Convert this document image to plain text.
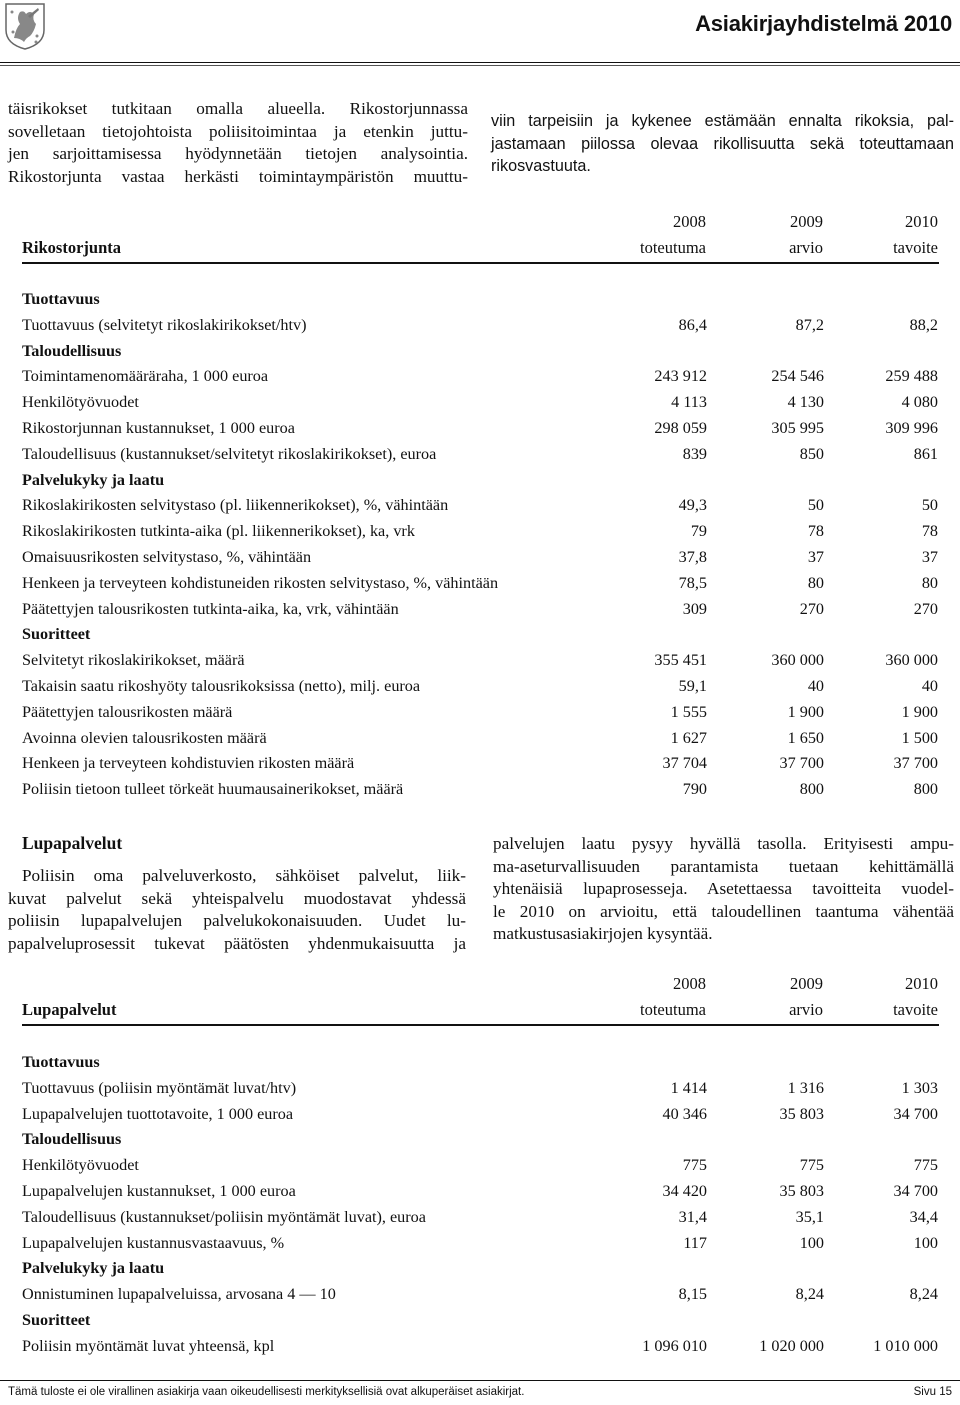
Asiakirjayhdistelmä 2010
täisrikokset tutkitaan omalla alueella. Rikostorjunnassa
sovelletaan tietojohtoista poliisitoimintaa ja etenkin juttu-
jen sarjoittamisessa hyödynnetään tietojen analysointia.
Rikostorjunta vastaa herkästi toimintaympäristön muuttu-
viin tarpeisiin ja kykenee estämään ennalta rikoksia, pal-
jastamaan piilossa olevaa rikollisuutta sekä toteuttamaan
rikosvastuuta.
2008	2009	2010
Rikostorjunta	toteutuma	arvio	tavoite
Tuottavuus
Tuottavuus (selvitetyt rikoslakirikokset/htv)	86,4	87,2	88,2
Taloudellisuus
Toimintamenomääräraha, 1 000 euroa	243 912	254 546	259 488
Henkilötyövuodet	4 113	4 130	4 080
Rikostorjunnan kustannukset, 1 000 euroa	298 059	305 995	309 996
Taloudellisuus (kustannukset/selvitetyt rikoslakirikokset), euroa	839	850	861
Palvelukyky ja laatu
Rikoslakirikosten selvitystaso (pl. liikennerikokset), %, vähintään	49,3	50	50
Rikoslakirikosten tutkinta-aika (pl. liikennerikokset), ka, vrk	79	78	78
Omaisuusrikosten selvitystaso, %, vähintään	37,8	37	37
Henkeen ja terveyteen kohdistuneiden rikosten selvitystaso, %, vähintään	78,5	80	80
Päätettyjen talousrikosten tutkinta-aika, ka, vrk, vähintään	309	270	270
Suoritteet
Selvitetyt rikoslakirikokset, määrä	355 451	360 000	360 000
Takaisin saatu rikoshyöty talousrikoksissa (netto), milj. euroa	59,1	40	40
Päätettyjen talousrikosten määrä	1 555	1 900	1 900
Avoinna olevien talousrikosten määrä	1 627	1 650	1 500
Henkeen ja terveyteen kohdistuvien rikosten määrä	37 704	37 700	37 700
Poliisin tietoon tulleet törkeät huumausainerikokset, määrä	790	800	800
Lupapalvelut
Poliisin oma palveluverkosto, sähköiset palvelut, liik-
kuvat palvelut sekä yhteispalvelu muodostavat yhdessä
poliisin lupapalvelujen palvelukokonaisuuden. Uudet lu-
papalveluprosessit tukevat päätösten yhdenmukaisuutta ja
palvelujen laatu pysyy hyvällä tasolla. Erityisesti ampu-
ma-aseturvallisuuden parantamista tuetaan kehittämällä
yhtenäisiä lupaprosesseja. Asetettaessa tavoitteita vuodel-
le 2010 on arvioitu, että taloudellinen taantuma vähentää
matkustusasiakirjojen kysyntää.
2008	2009	2010
Lupapalvelut	toteutuma	arvio	tavoite
Tuottavuus
Tuottavuus (poliisin myöntämät luvat/htv)	1 414	1 316	1 303
Lupapalvelujen tuottotavoite, 1 000 euroa	40 346	35 803	34 700
Taloudellisuus
Henkilötyövuodet	775	775	775
Lupapalvelujen kustannukset, 1 000 euroa	34 420	35 803	34 700
Taloudellisuus (kustannukset/poliisin myöntämät luvat), euroa	31,4	35,1	34,4
Lupapalvelujen kustannusvastaavuus, %	117	100	100
Palvelukyky ja laatu
Onnistuminen lupapalveluissa, arvosana 4 — 10	8,15	8,24	8,24
Suoritteet
Poliisin myöntämät luvat yhteensä, kpl	1 096 010	1 020 000	1 010 000
Tämä tuloste ei ole virallinen asiakirja vaan oikeudellisesti merkityksellisiä ovat alkuperäiset asiakirjat.	Sivu 15
